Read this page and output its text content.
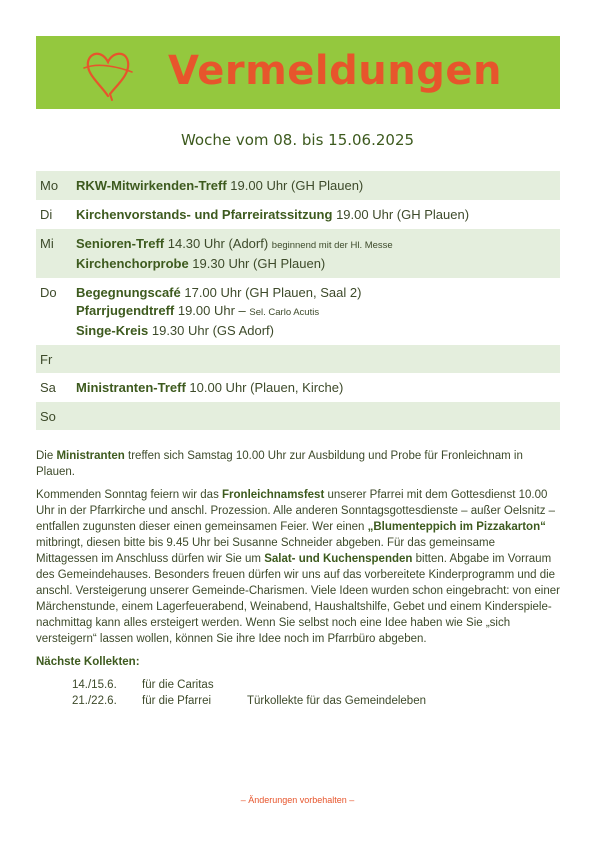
Vermeldungen
Woche vom 08. bis 15.06.2025
Mo	RKW-Mitwirkenden-Treff 19.00 Uhr (GH Plauen)
Di	Kirchenvorstands- und Pfarreiratssitzung 19.00 Uhr (GH Plauen)
Mi	Senioren-Treff 14.30 Uhr (Adorf) beginnend mit der Hl. Messe
Kirchenchorprobe 19.30 Uhr (GH Plauen)
Do	Begegnungscafé 17.00 Uhr (GH Plauen, Saal 2)
Pfarrjugendtreff 19.00 Uhr – Sel. Carlo Acutis
Singe-Kreis 19.30 Uhr (GS Adorf)
Fr
Sa	Ministranten-Treff 10.00 Uhr (Plauen, Kirche)
So

Die Ministranten treffen sich Samstag 10.00 Uhr zur Ausbildung und Probe für Fronleichnam in Plauen.

Kommenden Sonntag feiern wir das Fronleichnamsfest unserer Pfarrei mit dem Gottesdienst 10.00 Uhr in der Pfarrkirche und anschl. Prozession. Alle anderen Sonntagsgottesdienste – außer Oelsnitz – entfallen zugunsten dieser einen gemeinsamen Feier. Wer einen „Blumenteppich im Pizzakarton“ mitbringt, diesen bitte bis 9.45 Uhr bei Susanne Schneider abgeben. Für das gemeinsame Mittagessen im Anschluss dürfen wir Sie um Salat- und Kuchenspenden bitten. Abgabe im Vorraum des Gemeindehauses. Besonders freuen dürfen wir uns auf das vorbereitete Kinderprogramm und die anschl. Versteigerung unserer Gemeinde-Charismen. Viele Ideen wurden schon eingebracht: von einer Märchenstunde, einem Lagerfeuerabend, Weinabend, Haushaltshilfe, Gebet und einem Kinderspiele-nachmittag kann alles ersteigert werden. Wenn Sie selbst noch eine Idee haben wie Sie „sich versteigern“ lassen wollen, können Sie ihre Idee noch im Pfarrbüro abgeben.

Nächste Kollekten:

14./15.6.	für die Caritas
21./22.6.	für die Pfarrei	Türkollekte für das Gemeindeleben
– Änderungen vorbehalten –
